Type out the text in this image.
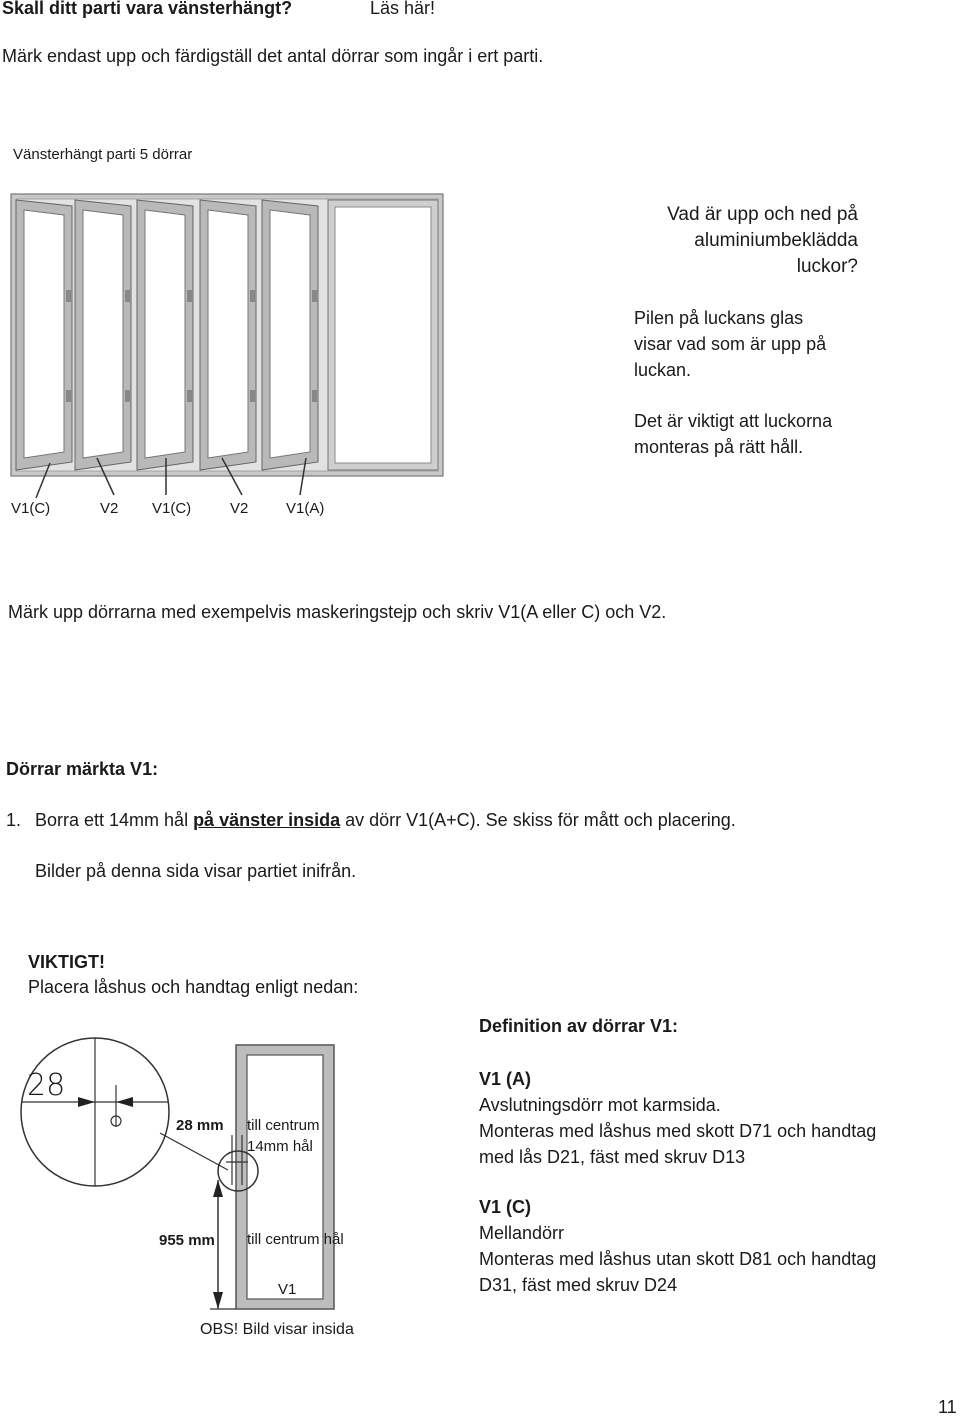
Skall ditt parti vara vänsterhängt?	Läs här!
Märk endast upp och färdigställ det antal dörrar som ingår i ert parti.
Vänsterhängt parti 5 dörrar
V1(C)	V2 V1(C)	V2	V1(A)
Vad är upp och ned på
aluminiumbeklädda
luckor?
Pilen på luckans glas
visar vad som är upp på
luckan.
Det är viktigt att luckorna
monteras på rätt håll.
Märk upp dörrarna med exempelvis maskeringstejp och skriv V1(A eller C) och V2.
Dörrar märkta V1:
1. Borra ett 14mm hål på vänster insida av dörr V1(A+C). Se skiss för mått och placering.
Bilder på denna sida visar partiet inifrån.
VIKTIGT!
Placera låshus och handtag enligt nedan:
28
28 mm till centrum
14mm hål
955 mm till centrum hål
V1
OBS! Bild visar insida
Definition av dörrar V1:
V1 (A)
Avslutningsdörr mot karmsida.
Monteras med låshus med skott D71 och handtag
med lås D21, fäst med skruv D13
V1 (C)
Mellandörr
Monteras med låshus utan skott D81 och handtag
D31, fäst med skruv D24
11
